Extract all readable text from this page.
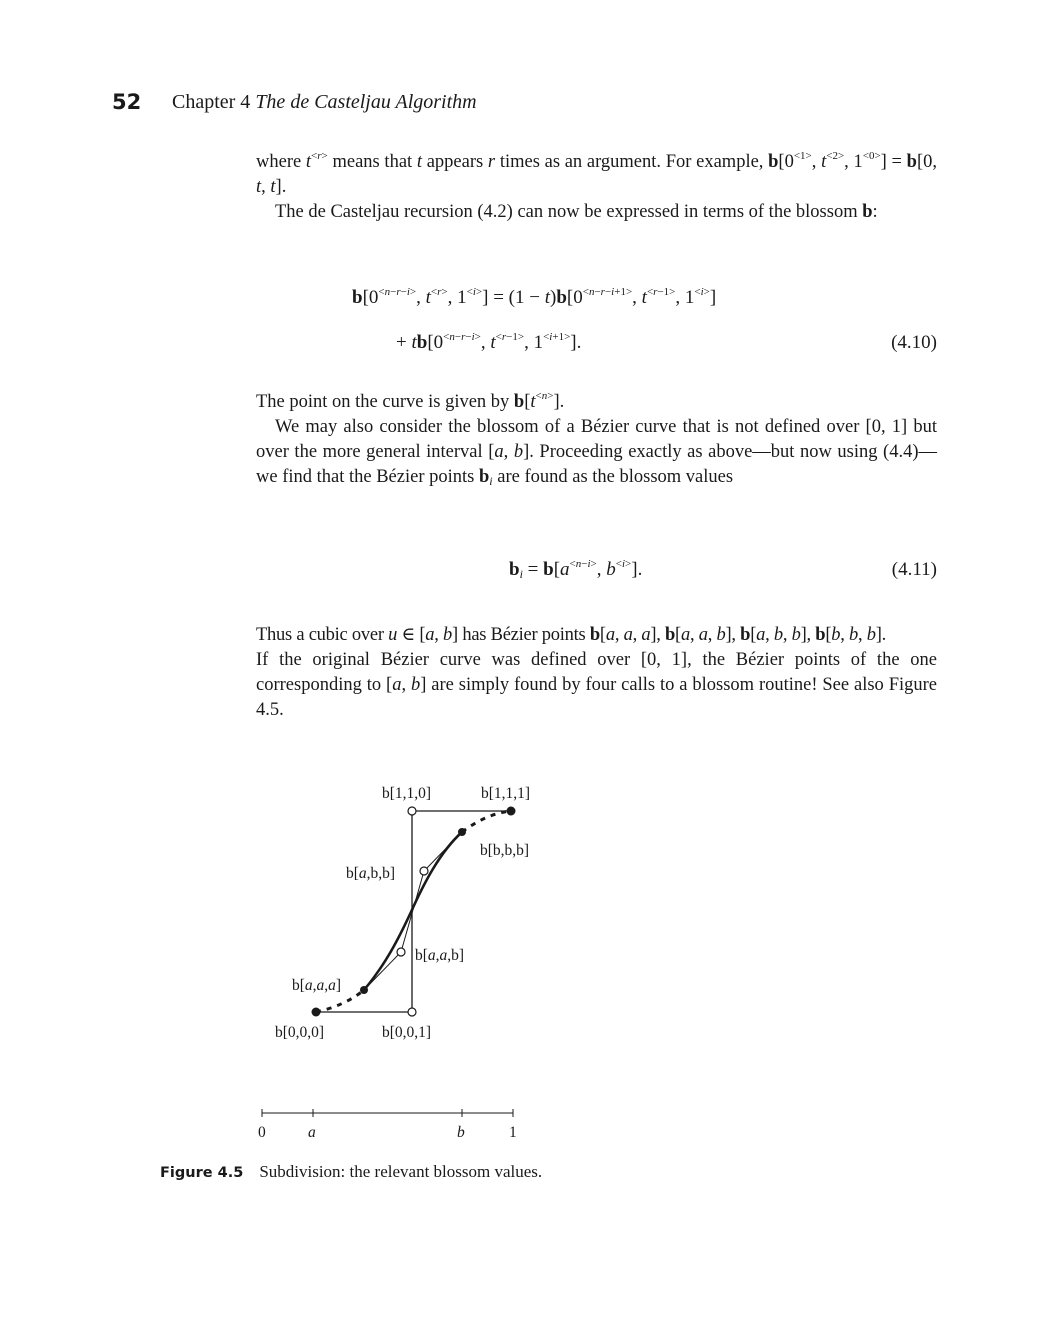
52 Chapter 4 The de Casteljau Algorithm

where $t^{<r>}$ means that t appears r times as an argument. For example, $b[0^{<1>}$, $t^{<2>}$, $1^{<0>}] = b[0$, t, t].

The de Casteljau recursion (4.2) can now be expressed in terms of the blossom b:

$b[0^{<n-r-i>}$, $t^{<r>}$, $1^{<i>}] = (1 - t)b[0^{<n-r-i+1>}$, $t^{<r-1>}$, $1^{<i>}$]
+ $tb[0^{<n-r-i>}$, $t^{<r-1>}$, $1^{<i+1>}$].	(4.10)

The point on the curve is given by $b[t^{<n>}]$.

We may also consider the blossom of a Bézier curve that is not defined over [0, 1] but over the more general interval [a, b]. Proceeding exactly as above—but now using (4.4)—we find that the Bézier points $b_i$ are found as the blossom values

$b_i = b[a^{<n-i>}$, $b^{<i>}$].	(4.11)

Thus a cubic over u ∈ [a, b] has Bézier points b[a, a, a], b[a, a, b], b[a, b, b], b[b, b, b].

If the original Bézier curve was defined over [0, 1], the Bézier points of the one corresponding to [a, b] are simply found by four calls to a blossom routine! See also Figure 4.5.

b[1,1,0]	b[1,1,1]
b[b,b,b]
b[a,b,b]
b[a,a,b]
b[a,a,a]
b[0,0,0]	b[0,0,1]
0	a	b	1
Figure 4.5 Subdivision: the relevant blossom values.
